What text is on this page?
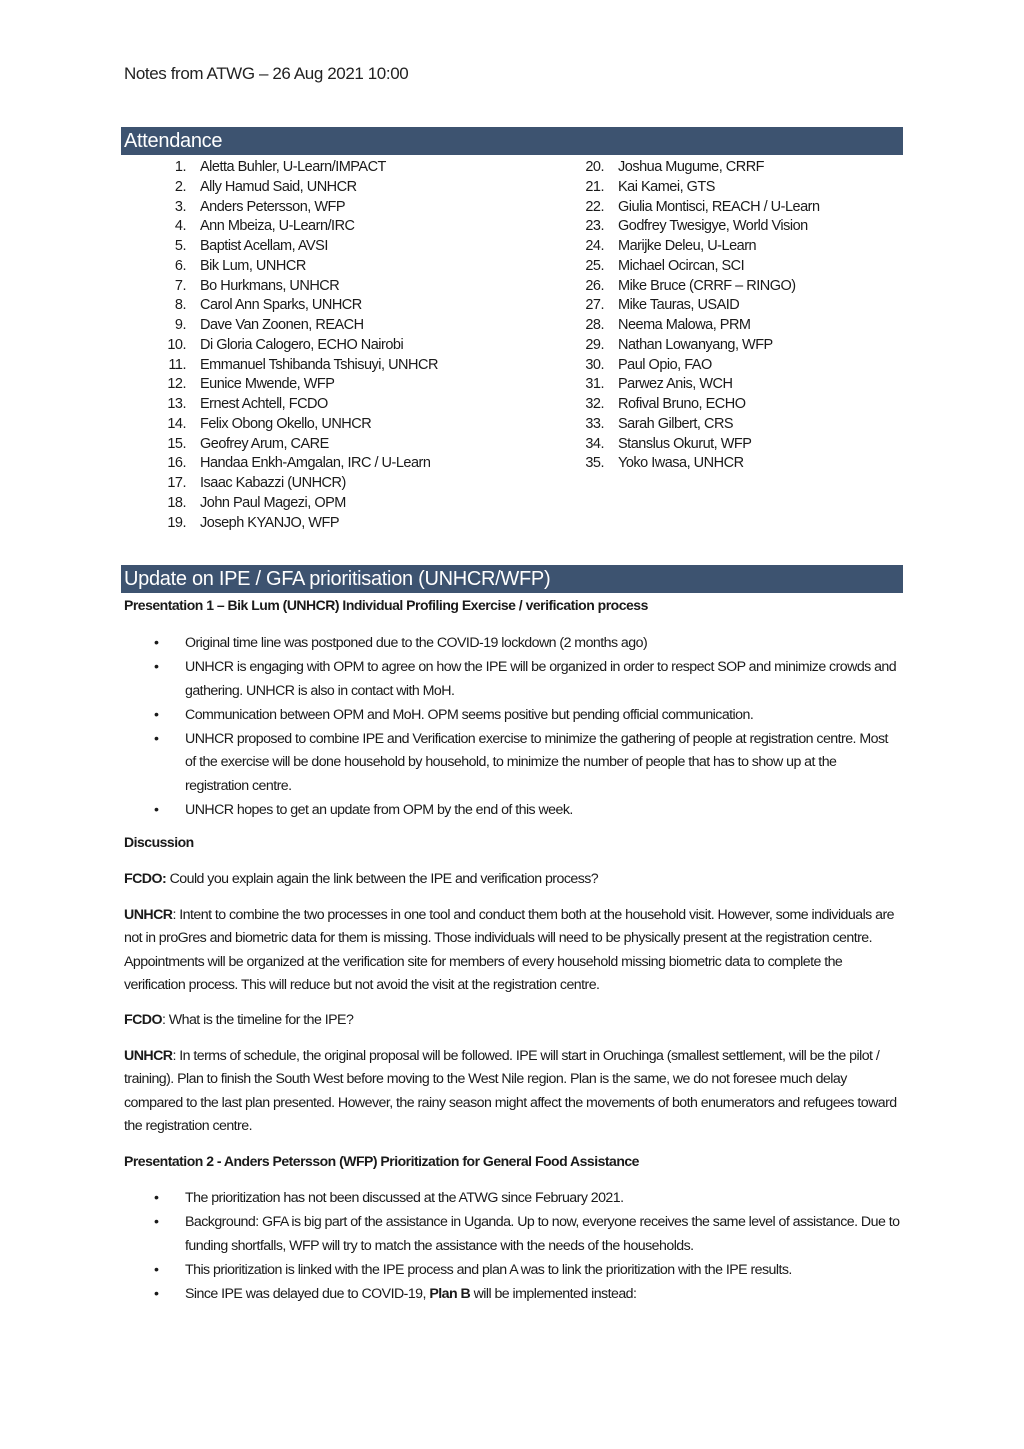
Notes from ATWG – 26 Aug 2021 10:00
Attendance
1. Aletta Buhler, U-Learn/IMPACT
2. Ally Hamud Said, UNHCR
3. Anders Petersson, WFP
4. Ann Mbeiza, U-Learn/IRC
5. Baptist Acellam, AVSI
6. Bik Lum, UNHCR
7. Bo Hurkmans, UNHCR
8. Carol Ann Sparks, UNHCR
9. Dave Van Zoonen, REACH
10. Di Gloria Calogero, ECHO Nairobi
11. Emmanuel Tshibanda Tshisuyi, UNHCR
12. Eunice Mwende, WFP
13. Ernest Achtell, FCDO
14. Felix Obong Okello, UNHCR
15. Geofrey Arum, CARE
16. Handaa Enkh-Amgalan, IRC / U-Learn
17. Isaac Kabazzi (UNHCR)
18. John Paul Magezi, OPM
19. Joseph KYANJO, WFP
20. Joshua Mugume, CRRF
21. Kai Kamei, GTS
22. Giulia Montisci, REACH / U-Learn
23. Godfrey Twesigye, World Vision
24. Marijke Deleu, U-Learn
25. Michael Ocircan, SCI
26. Mike Bruce (CRRF – RINGO)
27. Mike Tauras, USAID
28. Neema Malowa, PRM
29. Nathan Lowanyang, WFP
30. Paul Opio, FAO
31. Parwez Anis, WCH
32. Rofival Bruno, ECHO
33. Sarah Gilbert, CRS
34. Stanslus Okurut, WFP
35. Yoko Iwasa, UNHCR
Update on IPE / GFA prioritisation (UNHCR/WFP)
Presentation 1 – Bik Lum (UNHCR) Individual Profiling Exercise / verification process
• Original time line was postponed due to the COVID-19 lockdown (2 months ago)
• UNHCR is engaging with OPM to agree on how the IPE will be organized in order to respect SOP and minimize crowds and gathering. UNHCR is also in contact with MoH.
• Communication between OPM and MoH. OPM seems positive but pending official communication.
• UNHCR proposed to combine IPE and Verification exercise to minimize the gathering of people at registration centre. Most of the exercise will be done household by household, to minimize the number of people that has to show up at the registration centre.
• UNHCR hopes to get an update from OPM by the end of this week.
Discussion

FCDO: Could you explain again the link between the IPE and verification process?

UNHCR: Intent to combine the two processes in one tool and conduct them both at the household visit. However, some individuals are not in proGres and biometric data for them is missing. Those individuals will need to be physically present at the registration centre. Appointments will be organized at the verification site for members of every household missing biometric data to complete the verification process. This will reduce but not avoid the visit at the registration centre.

FCDO: What is the timeline for the IPE?

UNHCR: In terms of schedule, the original proposal will be followed. IPE will start in Oruchinga (smallest settlement, will be the pilot / training). Plan to finish the South West before moving to the West Nile region. Plan is the same, we do not foresee much delay compared to the last plan presented. However, the rainy season might affect the movements of both enumerators and refugees toward the registration centre.

Presentation 2 - Anders Petersson (WFP) Prioritization for General Food Assistance
• The prioritization has not been discussed at the ATWG since February 2021.
• Background: GFA is big part of the assistance in Uganda. Up to now, everyone receives the same level of assistance. Due to funding shortfalls, WFP will try to match the assistance with the needs of the households.
• This prioritization is linked with the IPE process and plan A was to link the prioritization with the IPE results.
• Since IPE was delayed due to COVID-19, Plan B will be implemented instead:
